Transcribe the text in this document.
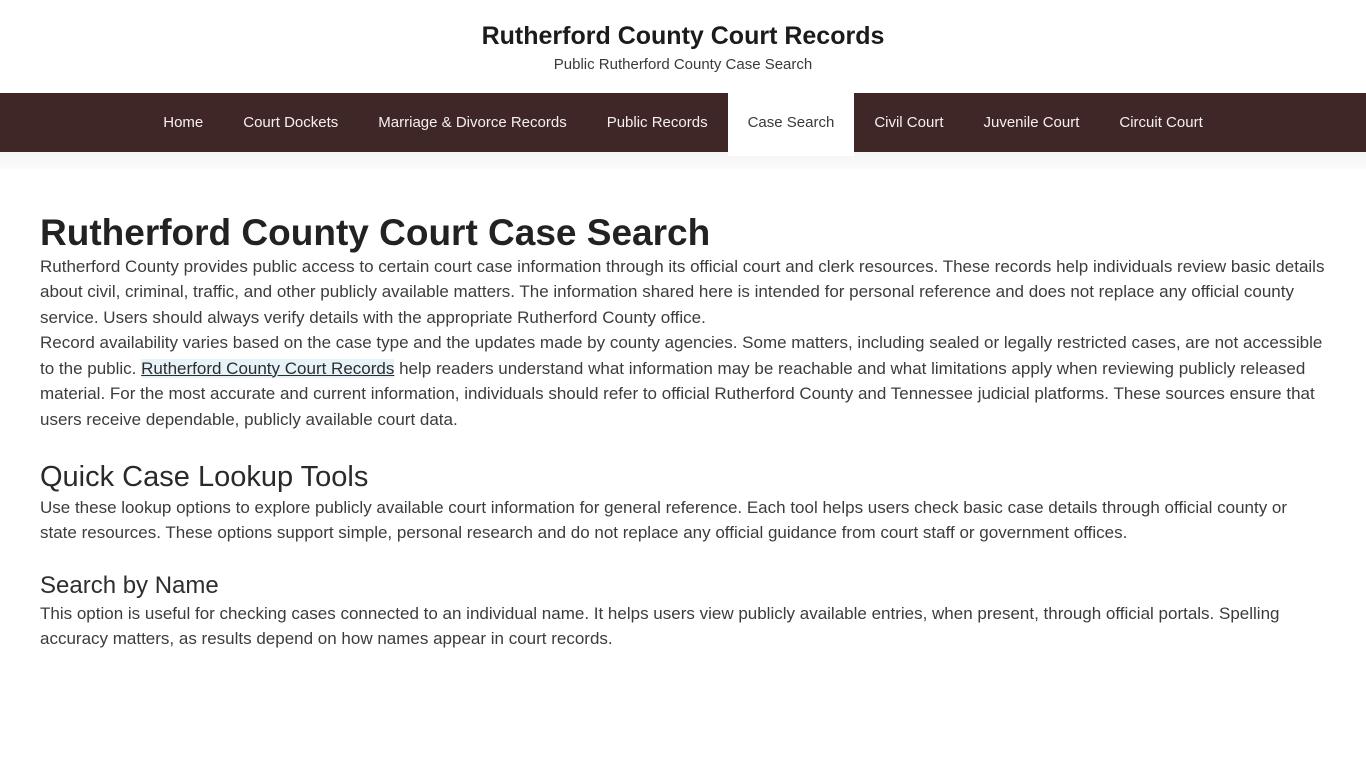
Rutherford County Court Records

Public Rutherford County Case Search

Home	Court Dockets	Marriage & Divorce Records	Public Records	Case Search	Civil Court	Juvenile Court	Circuit Court
Rutherford County Court Case Search

Rutherford County provides public access to certain court case information through its official court and clerk resources. These records help individuals review basic details about civil, criminal, traffic, and other publicly available matters. The information shared here is intended for personal reference and does not replace any official county service. Users should always verify details with the appropriate Rutherford County office.

Record availability varies based on the case type and the updates made by county agencies. Some matters, including sealed or legally restricted cases, are not accessible to the public. Rutherford County Court Records help readers understand what information may be reachable and what limitations apply when reviewing publicly released material. For the most accurate and current information, individuals should refer to official Rutherford County and Tennessee judicial platforms. These sources ensure that users receive dependable, publicly available court data.

Quick Case Lookup Tools

Use these lookup options to explore publicly available court information for general reference. Each tool helps users check basic case details through official county or state resources. These options support simple, personal research and do not replace any official guidance from court staff or government offices.

Search by Name

This option is useful for checking cases connected to an individual name. It helps users view publicly available entries, when present, through official portals. Spelling accuracy matters, as results depend on how names appear in court records.
